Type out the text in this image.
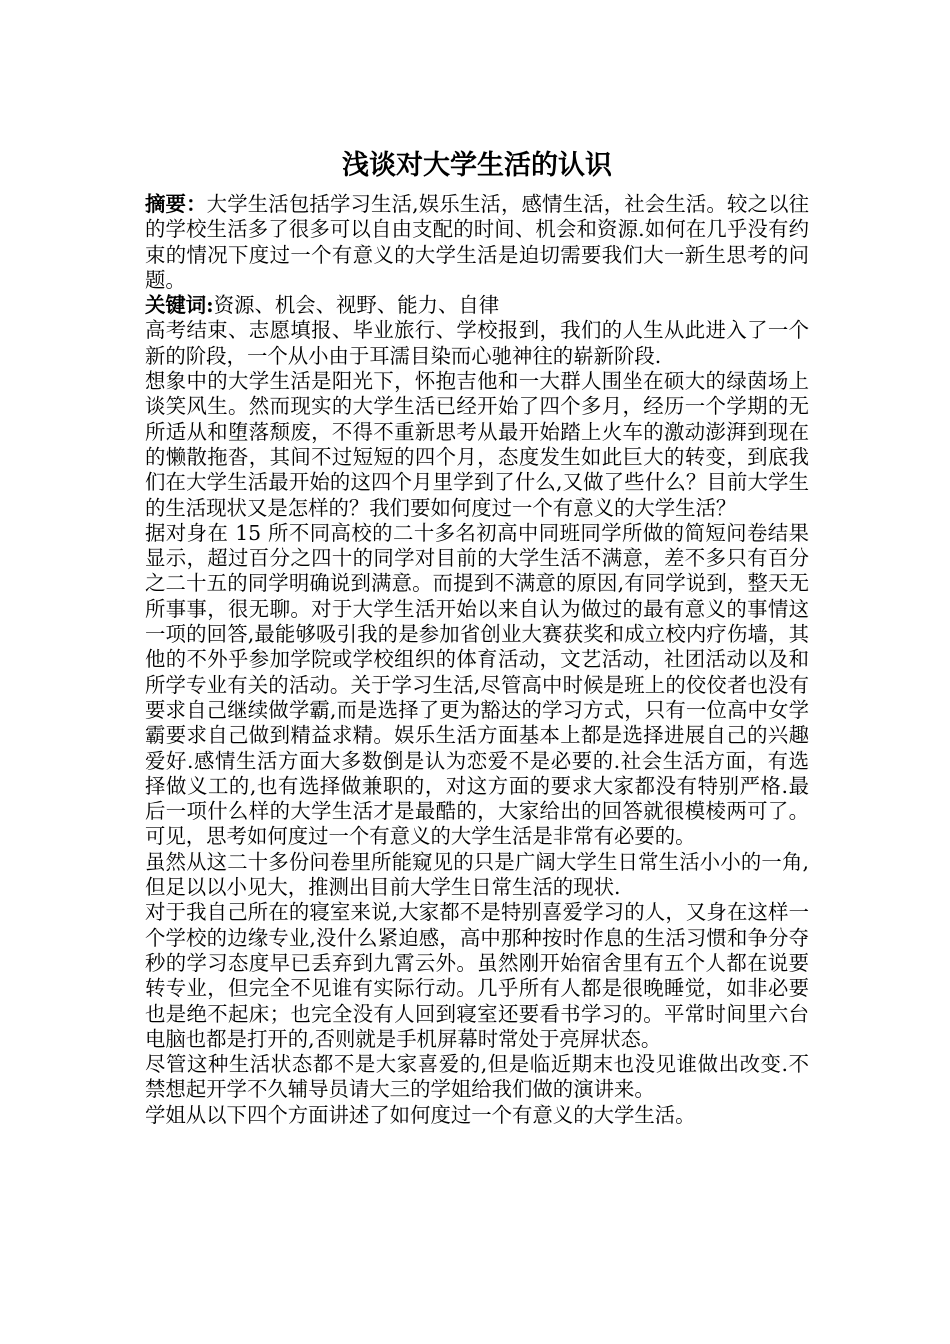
浅谈对大学生活的认识

摘要：大学生活包括学习生活,娱乐生活，感情生活，社会生活。较之以往的学校生活多了很多可以自由支配的时间、机会和资源.如何在几乎没有约束的情况下度过一个有意义的大学生活是迫切需要我们大一新生思考的问题。

关键词:资源、机会、视野、能力、自律

高考结束、志愿填报、毕业旅行、学校报到，我们的人生从此进入了一个新的阶段，一个从小由于耳濡目染而心驰神往的崭新阶段.

想象中的大学生活是阳光下，怀抱吉他和一大群人围坐在硕大的绿茵场上谈笑风生。然而现实的大学生活已经开始了四个多月，经历一个学期的无所适从和堕落颓废，不得不重新思考从最开始踏上火车的激动澎湃到现在的懒散拖沓，其间不过短短的四个月，态度发生如此巨大的转变，到底我们在大学生活最开始的这四个月里学到了什么,又做了些什么？目前大学生的生活现状又是怎样的？我们要如何度过一个有意义的大学生活？

据对身在 15 所不同高校的二十多名初高中同班同学所做的简短问卷结果显示，超过百分之四十的同学对目前的大学生活不满意，差不多只有百分之二十五的同学明确说到满意。而提到不满意的原因,有同学说到，整天无所事事，很无聊。对于大学生活开始以来自认为做过的最有意义的事情这一项的回答,最能够吸引我的是参加省创业大赛获奖和成立校内疗伤墙，其他的不外乎参加学院或学校组织的体育活动，文艺活动，社团活动以及和所学专业有关的活动。关于学习生活,尽管高中时候是班上的佼佼者也没有要求自己继续做学霸,而是选择了更为豁达的学习方式，只有一位高中女学霸要求自己做到精益求精。娱乐生活方面基本上都是选择进展自己的兴趣爱好.感情生活方面大多数倒是认为恋爱不是必要的.社会生活方面，有选择做义工的,也有选择做兼职的，对这方面的要求大家都没有特别严格.最后一项什么样的大学生活才是最酷的，大家给出的回答就很模棱两可了。可见，思考如何度过一个有意义的大学生活是非常有必要的。

虽然从这二十多份问卷里所能窥见的只是广阔大学生日常生活小小的一角,但足以以小见大，推测出目前大学生日常生活的现状.

对于我自己所在的寝室来说,大家都不是特别喜爱学习的人，又身在这样一个学校的边缘专业,没什么紧迫感，高中那种按时作息的生活习惯和争分夺秒的学习态度早已丢弃到九霄云外。虽然刚开始宿舍里有五个人都在说要转专业，但完全不见谁有实际行动。几乎所有人都是很晚睡觉，如非必要也是绝不起床；也完全没有人回到寝室还要看书学习的。平常时间里六台电脑也都是打开的,否则就是手机屏幕时常处于亮屏状态。

尽管这种生活状态都不是大家喜爱的,但是临近期末也没见谁做出改变.不禁想起开学不久辅导员请大三的学姐给我们做的演讲来。

学姐从以下四个方面讲述了如何度过一个有意义的大学生活。
